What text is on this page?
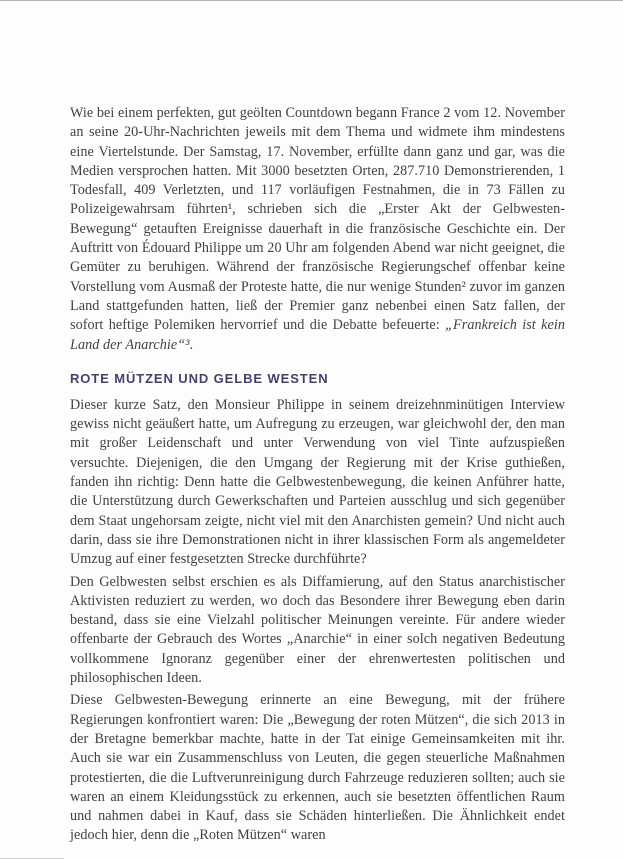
Wie bei einem perfekten, gut geölten Countdown begann France 2 vom 12. November an seine 20-Uhr-Nachrichten jeweils mit dem Thema und widmete ihm mindestens eine Viertelstunde. Der Samstag, 17. November, erfüllte dann ganz und gar, was die Medien versprochen hatten. Mit 3000 besetzten Orten, 287.710 Demonstrierenden, 1 Todesfall, 409 Verletzten, und 117 vorläufigen Festnahmen, die in 73 Fällen zu Polizeigewahrsam führten¹, schrieben sich die „Erster Akt der Gelbwesten-Bewegung“ getauften Ereignisse dauerhaft in die französische Geschichte ein. Der Auftritt von Édouard Philippe um 20 Uhr am folgenden Abend war nicht geeignet, die Gemüter zu beruhigen. Während der französische Regierungschef offenbar keine Vorstellung vom Ausmaß der Proteste hatte, die nur wenige Stunden² zuvor im ganzen Land stattgefunden hatten, ließ der Premier ganz nebenbei einen Satz fallen, der sofort heftige Polemiken hervorrief und die Debatte befeuerte: „Frankreich ist kein Land der Anarchie“³.

ROTE MÜTZEN UND GELBE WESTEN

Dieser kurze Satz, den Monsieur Philippe in seinem dreizehnminütigen Interview gewiss nicht geäußert hatte, um Aufregung zu erzeugen, war gleichwohl der, den man mit großer Leidenschaft und unter Verwendung von viel Tinte aufzuspießen versuchte. Diejenigen, die den Umgang der Regierung mit der Krise guthießen, fanden ihn richtig: Denn hatte die Gelbwestenbewegung, die keinen Anführer hatte, die Unterstützung durch Gewerkschaften und Parteien ausschlug und sich gegenüber dem Staat ungehorsam zeigte, nicht viel mit den Anarchisten gemein? Und nicht auch darin, dass sie ihre Demonstrationen nicht in ihrer klassischen Form als angemeldeter Umzug auf einer festgesetzten Strecke durchführte?

Den Gelbwesten selbst erschien es als Diffamierung, auf den Status anarchistischer Aktivisten reduziert zu werden, wo doch das Besondere ihrer Bewegung eben darin bestand, dass sie eine Vielzahl politischer Meinungen vereinte. Für andere wieder offenbarte der Gebrauch des Wortes „Anarchie“ in einer solch negativen Bedeutung vollkommene Ignoranz gegenüber einer der ehrenwertesten politischen und philosophischen Ideen.

Diese Gelbwesten-Bewegung erinnerte an eine Bewegung, mit der frühere Regierungen konfrontiert waren: Die „Bewegung der roten Mützen“, die sich 2013 in der Bretagne bemerkbar machte, hatte in der Tat einige Gemeinsamkeiten mit ihr. Auch sie war ein Zusammenschluss von Leuten, die gegen steuerliche Maßnahmen protestierten, die die Luftverunreinigung durch Fahrzeuge reduzieren sollten; auch sie waren an einem Kleidungsstück zu erkennen, auch sie besetzten öffentlichen Raum und nahmen dabei in Kauf, dass sie Schäden hinterließen. Die Ähnlichkeit endet jedoch hier, denn die „Roten Mützen“ waren
